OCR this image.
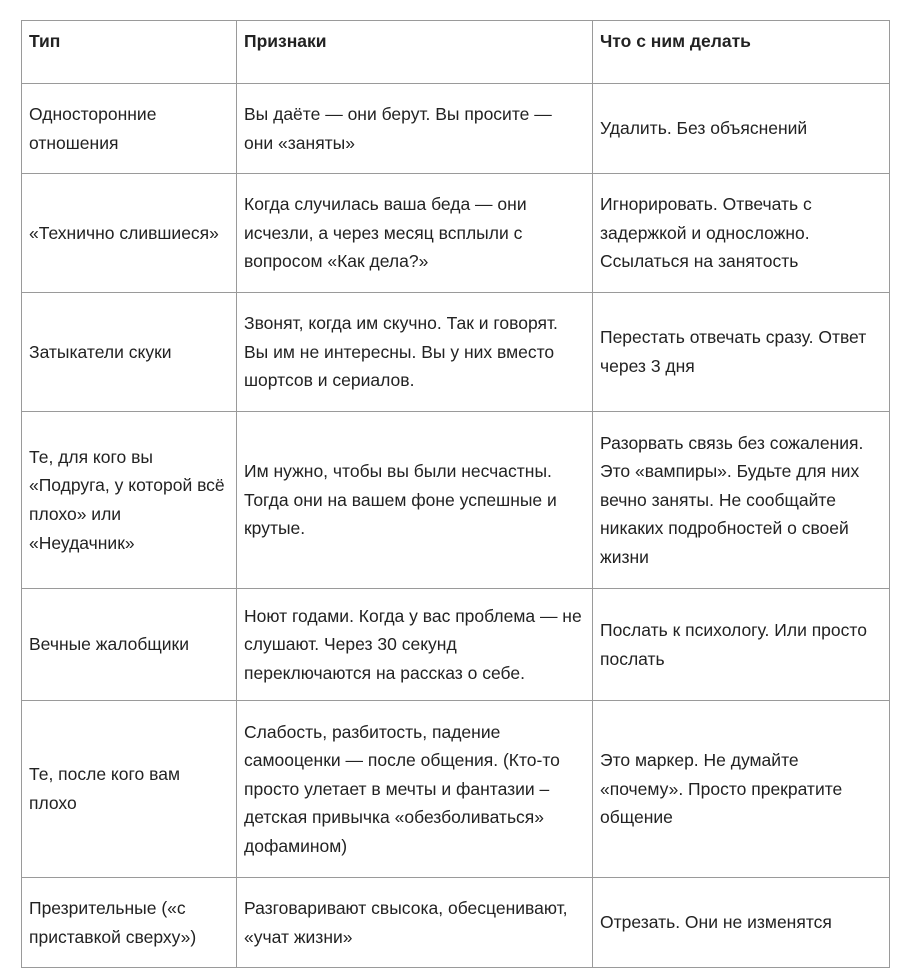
Тип	Признаки	Что с ним делать
Односторонние отношения	Вы даёте — они берут. Вы просите — они «заняты»	Удалить. Без объяснений
«Технично слившиеся»	Когда случилась ваша беда — они исчезли, а через месяц всплыли с вопросом «Как дела?»	Игнорировать. Отвечать с задержкой и односложно. Ссылаться на занятость
Затыкатели скуки	Звонят, когда им скучно. Так и говорят. Вы им не интересны. Вы у них вместо шортсов и сериалов.	Перестать отвечать сразу. Ответ через 3 дня
Те, для кого вы «Подруга, у которой всё плохо» или «Неудачник»	Им нужно, чтобы вы были несчастны. Тогда они на вашем фоне успешные и крутые.	Разорвать связь без сожаления. Это «вампиры». Будьте для них вечно заняты. Не сообщайте никаких подробностей о своей жизни
Вечные жалобщики	Ноют годами. Когда у вас проблема — не слушают. Через 30 секунд переключаются на рассказ о себе.	Послать к психологу. Или просто послать
Те, после кого вам плохо	Слабость, разбитость, падение самооценки — после общения. (Кто-то просто улетает в мечты и фантазии – детская привычка «обезболиваться» дофамином)	Это маркер. Не думайте «почему». Просто прекратите общение
Презрительные («с приставкой сверху»)	Разговаривают свысока, обесценивают, «учат жизни»	Отрезать. Они не изменятся
